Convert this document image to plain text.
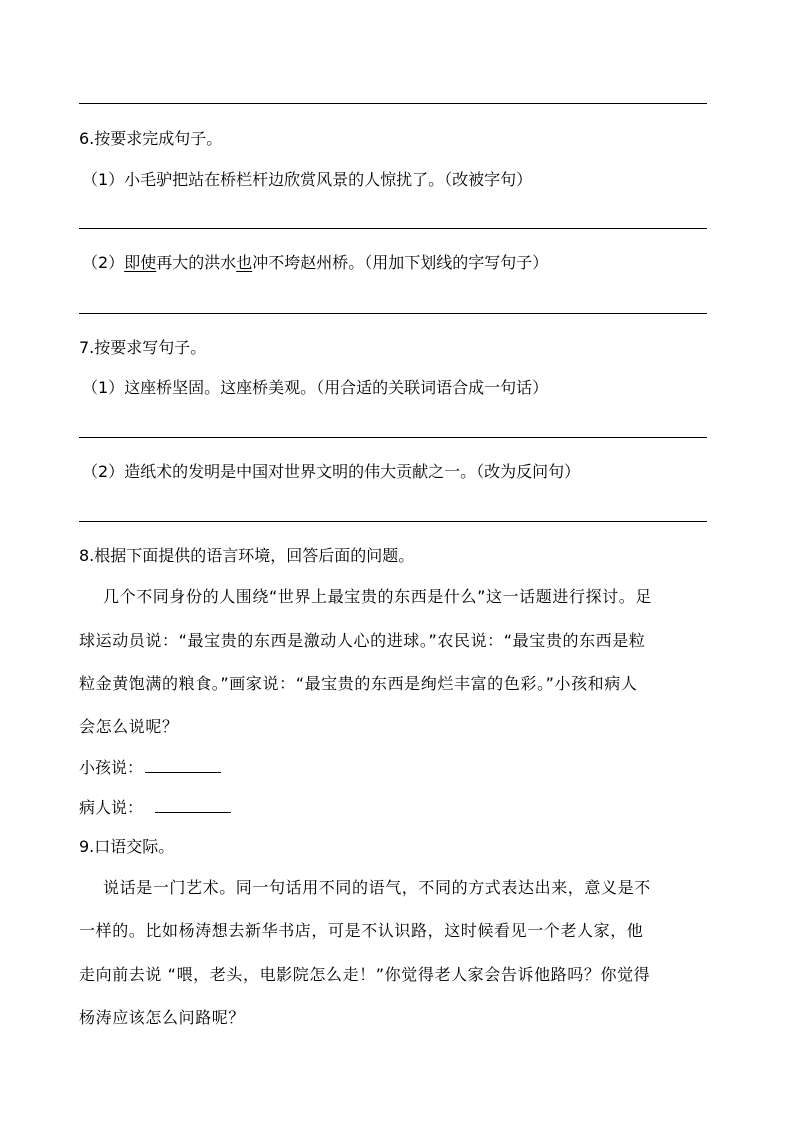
6.按要求完成句子。
（1）小毛驴把站在桥栏杆边欣赏风景的人惊扰了。（改被字句）
（2）即使再大的洪水也冲不垮赵州桥。（用加下划线的字写句子）
7.按要求写句子。
（1）这座桥坚固。这座桥美观。（用合适的关联词语合成一句话）
（2）造纸术的发明是中国对世界文明的伟大贡献之一。（改为反问句）
8.根据下面提供的语言环境，回答后面的问题。
几个不同身份的人围绕“世界上最宝贵的东西是什么”这一话题进行探讨。足
球运动员说：“最宝贵的东西是激动人心的进球。”农民说：“最宝贵的东西是粒
粒金黄饱满的粮食。”画家说：“最宝贵的东西是绚烂丰富的色彩。”小孩和病人
会怎么说呢？
小孩说：
病人说：
9.口语交际。
说话是一门艺术。同一句话用不同的语气，不同的方式表达出来，意义是不
一样的。比如杨涛想去新华书店，可是不认识路，这时候看见一个老人家，他
走向前去说 “喂，老头，电影院怎么走！”你觉得老人家会告诉他路吗？你觉得
杨涛应该怎么问路呢？
